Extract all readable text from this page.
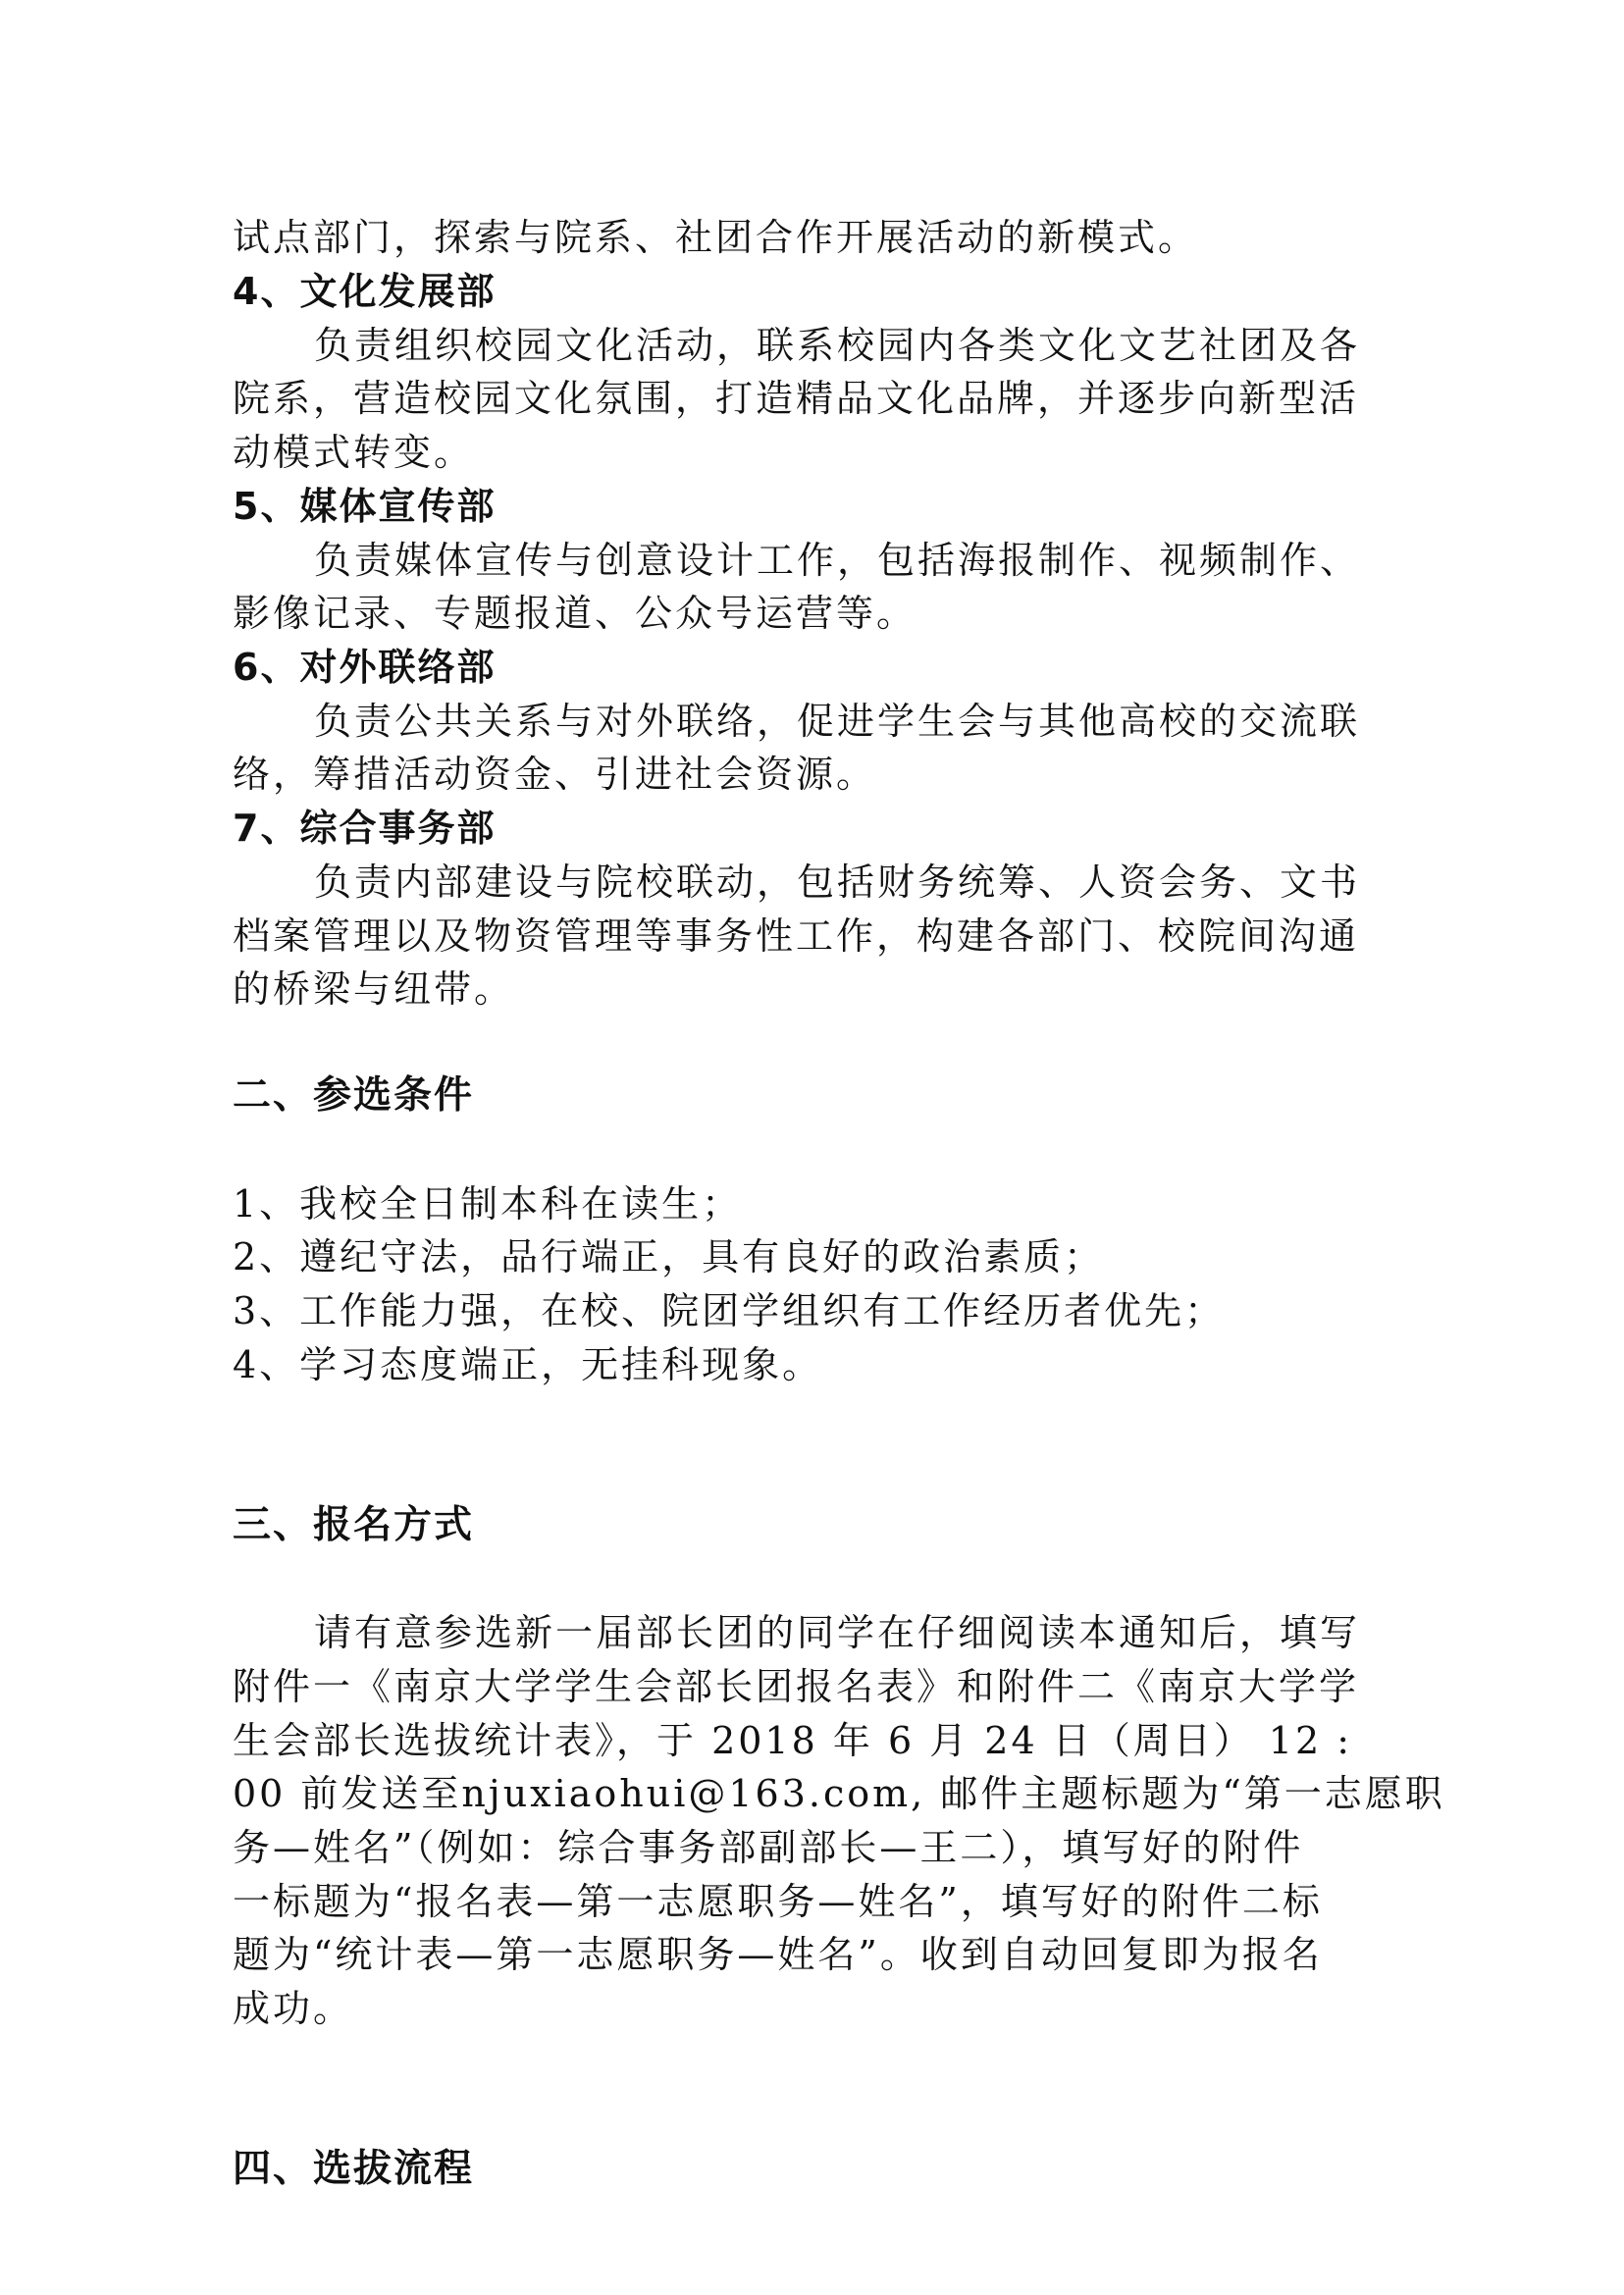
试点部门，探索与院系、社团合作开展活动的新模式。
4、文化发展部
负责组织校园文化活动，联系校园内各类文化文艺社团及各
院系，营造校园文化氛围，打造精品文化品牌，并逐步向新型活
动模式转变。
5、媒体宣传部
负责媒体宣传与创意设计工作，包括海报制作、视频制作、
影像记录、专题报道、公众号运营等。
6、对外联络部
负责公共关系与对外联络，促进学生会与其他高校的交流联
络，筹措活动资金、引进社会资源。
7、综合事务部
负责内部建设与院校联动，包括财务统筹、人资会务、文书
档案管理以及物资管理等事务性工作，构建各部门、校院间沟通
的桥梁与纽带。
二、参选条件
1、我校全日制本科在读生；
2、遵纪守法，品行端正，具有良好的政治素质；
3、工作能力强，在校、院团学组织有工作经历者优先；
4、学习态度端正，无挂科现象。
三、报名方式
请有意参选新一届部长团的同学在仔细阅读本通知后，填写
附件一《南京大学学生会部长团报名表》和附件二《南京大学学
生会部长选拔统计表》，于 2018 年 6 月 24 日（周日） 12 :
00 前发送至njuxiaohui@163.com, 邮件主题标题为“第一志愿职
务—姓名”（例如：综合事务部副部长—王二），填写好的附件
一标题为“报名表—第一志愿职务—姓名”，填写好的附件二标
题为“统计表—第一志愿职务—姓名”。收到自动回复即为报名
成功。
四、选拔流程
